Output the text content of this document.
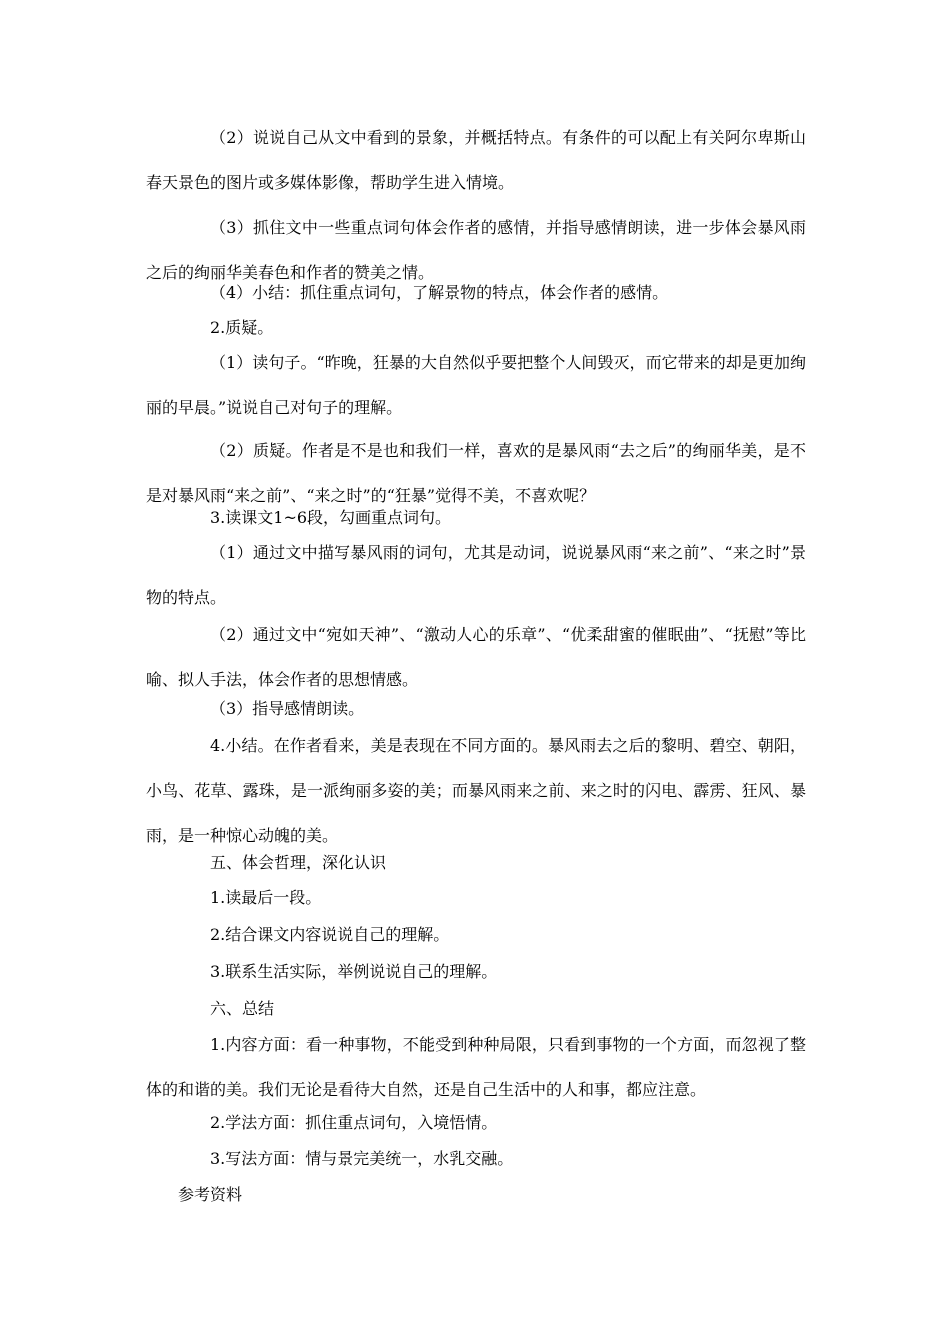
（2）说说自己从文中看到的景象，并概括特点。有条件的可以配上有关阿尔卑斯山春天景色的图片或多媒体影像，帮助学生进入情境。

（3）抓住文中一些重点词句体会作者的感情，并指导感情朗读，进一步体会暴风雨之后的绚丽华美春色和作者的赞美之情。

（4）小结：抓住重点词句，了解景物的特点，体会作者的感情。

2.质疑。

（1）读句子。“昨晚，狂暴的大自然似乎要把整个人间毁灭，而它带来的却是更加绚丽的早晨。”说说自己对句子的理解。

（2）质疑。作者是不是也和我们一样，喜欢的是暴风雨“去之后”的绚丽华美，是不是对暴风雨“来之前”、“来之时”的“狂暴”觉得不美，不喜欢呢？

3.读课文1~6段，勾画重点词句。

（1）通过文中描写暴风雨的词句，尤其是动词，说说暴风雨“来之前”、“来之时”景物的特点。

（2）通过文中“宛如天神”、“激动人心的乐章”、“优柔甜蜜的催眠曲”、“抚慰”等比喻、拟人手法，体会作者的思想情感。

（3）指导感情朗读。

4.小结。在作者看来，美是表现在不同方面的。暴风雨去之后的黎明、碧空、朝阳，小鸟、花草、露珠，是一派绚丽多姿的美；而暴风雨来之前、来之时的闪电、霹雳、狂风、暴雨，是一种惊心动魄的美。

五、体会哲理，深化认识

1.读最后一段。

2.结合课文内容说说自己的理解。

3.联系生活实际，举例说说自己的理解。

六、总结

1.内容方面：看一种事物，不能受到种种局限，只看到事物的一个方面，而忽视了整体的和谐的美。我们无论是看待大自然，还是自己生活中的人和事，都应注意。

2.学法方面：抓住重点词句，入境悟情。

3.写法方面：情与景完美统一，水乳交融。

参考资料
